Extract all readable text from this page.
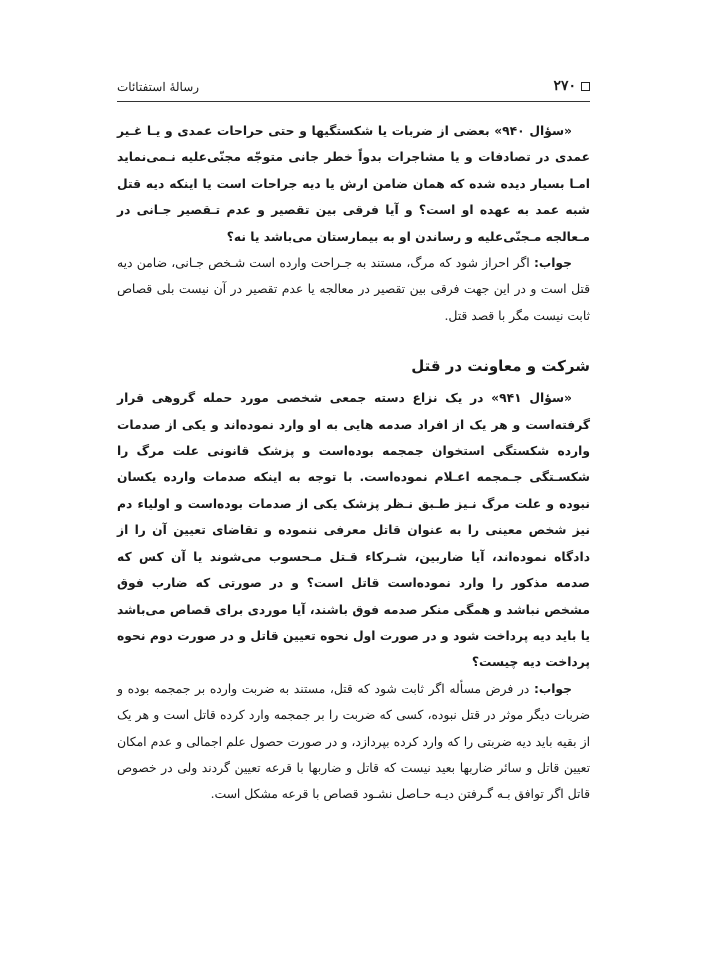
۲۷۰
رسالهٔ استفتائات

«سؤال ۹۴۰» بعضی از ضربات یا شکستگیها و حتی حراحات عمدی و یـا غـیر عمدی در تصادفات و یا مشاجرات بدواً خطر جانی متوجّه مجنّی‌علیه نـمی‌نماید امـا بسیار دیده شده که همان ضامن ارش یا دیه جراحات است یا اینکه دیه قتل شبه عمد به عهده او است؟ و آیا فرقی بین تقصیر و عدم تـقصیر جـانی در مـعالجه مـجنّی‌علیه و رساندن او به بیمارستان می‌باشد یا نه؟

جواب: اگر احراز شود که مرگ، مستند به جـراحت وارده است شـخص جـانی، ضامن دیه قتل است و در این جهت فرقی بین تقصیر در معالجه یا عدم تقصیر در آن نیست بلی قصاص ثابت نیست مگر با قصد قتل.

شرکت و معاونت در قتل

«سؤال ۹۴۱» در یک نزاع دسته جمعی شخصی مورد حمله گروهی قرار گرفته‌است و هر یک از افراد صدمه هایی به او وارد نموده‌اند و یکی از صدمات وارده شکستگی استخوان جمجمه بوده‌است و پزشک قانونی علت مرگ را شکسـتگی جـمجمه اعـلام نموده‌است. با توجه به اینکه صدمات وارده یکسان نبوده و علت مرگ نـیز طـبق نـظر پزشک یکی از صدمات بوده‌است و اولیاء دم نیز شخص معینی را به عنوان قاتل معرفی ننموده و تقاضای تعیین آن را از دادگاه نموده‌اند، آیا ضاربین، شـرکاء قـتل مـحسوب می‌شوند یا آن کس که صدمه مذکور را وارد نموده‌است قاتل است؟ و در صورتی که ضارب فوق مشخص نباشد و همگی منکر صدمه فوق باشند، آیا موردی برای قصاص می‌باشد یا باید دیه پرداخت شود و در صورت اول نحوه تعیین قاتل و در صورت دوم نحوه پرداخت دیه چیست؟

جواب: در فرض مسأله اگر ثابت شود که قتل، مستند به ضربت وارده بر جمجمه بوده و ضربات دیگر موثر در قتل نبوده، کسی که ضربت را بر جمجمه وارد کرده قاتل است و هر یک از بقیه باید دیه ضربتی را که وارد کرده بپردازد، و در صورت حصول علم اجمالی و عدم امکان تعیین قاتل و سائر ضاربها بعید نیست که قاتل و ضاربها با قرعه تعیین گردند ولی در خصوص قاتل اگر توافق بـه گـرفتن دیـه حـاصل نشـود قصاص با قرعه مشکل است.
